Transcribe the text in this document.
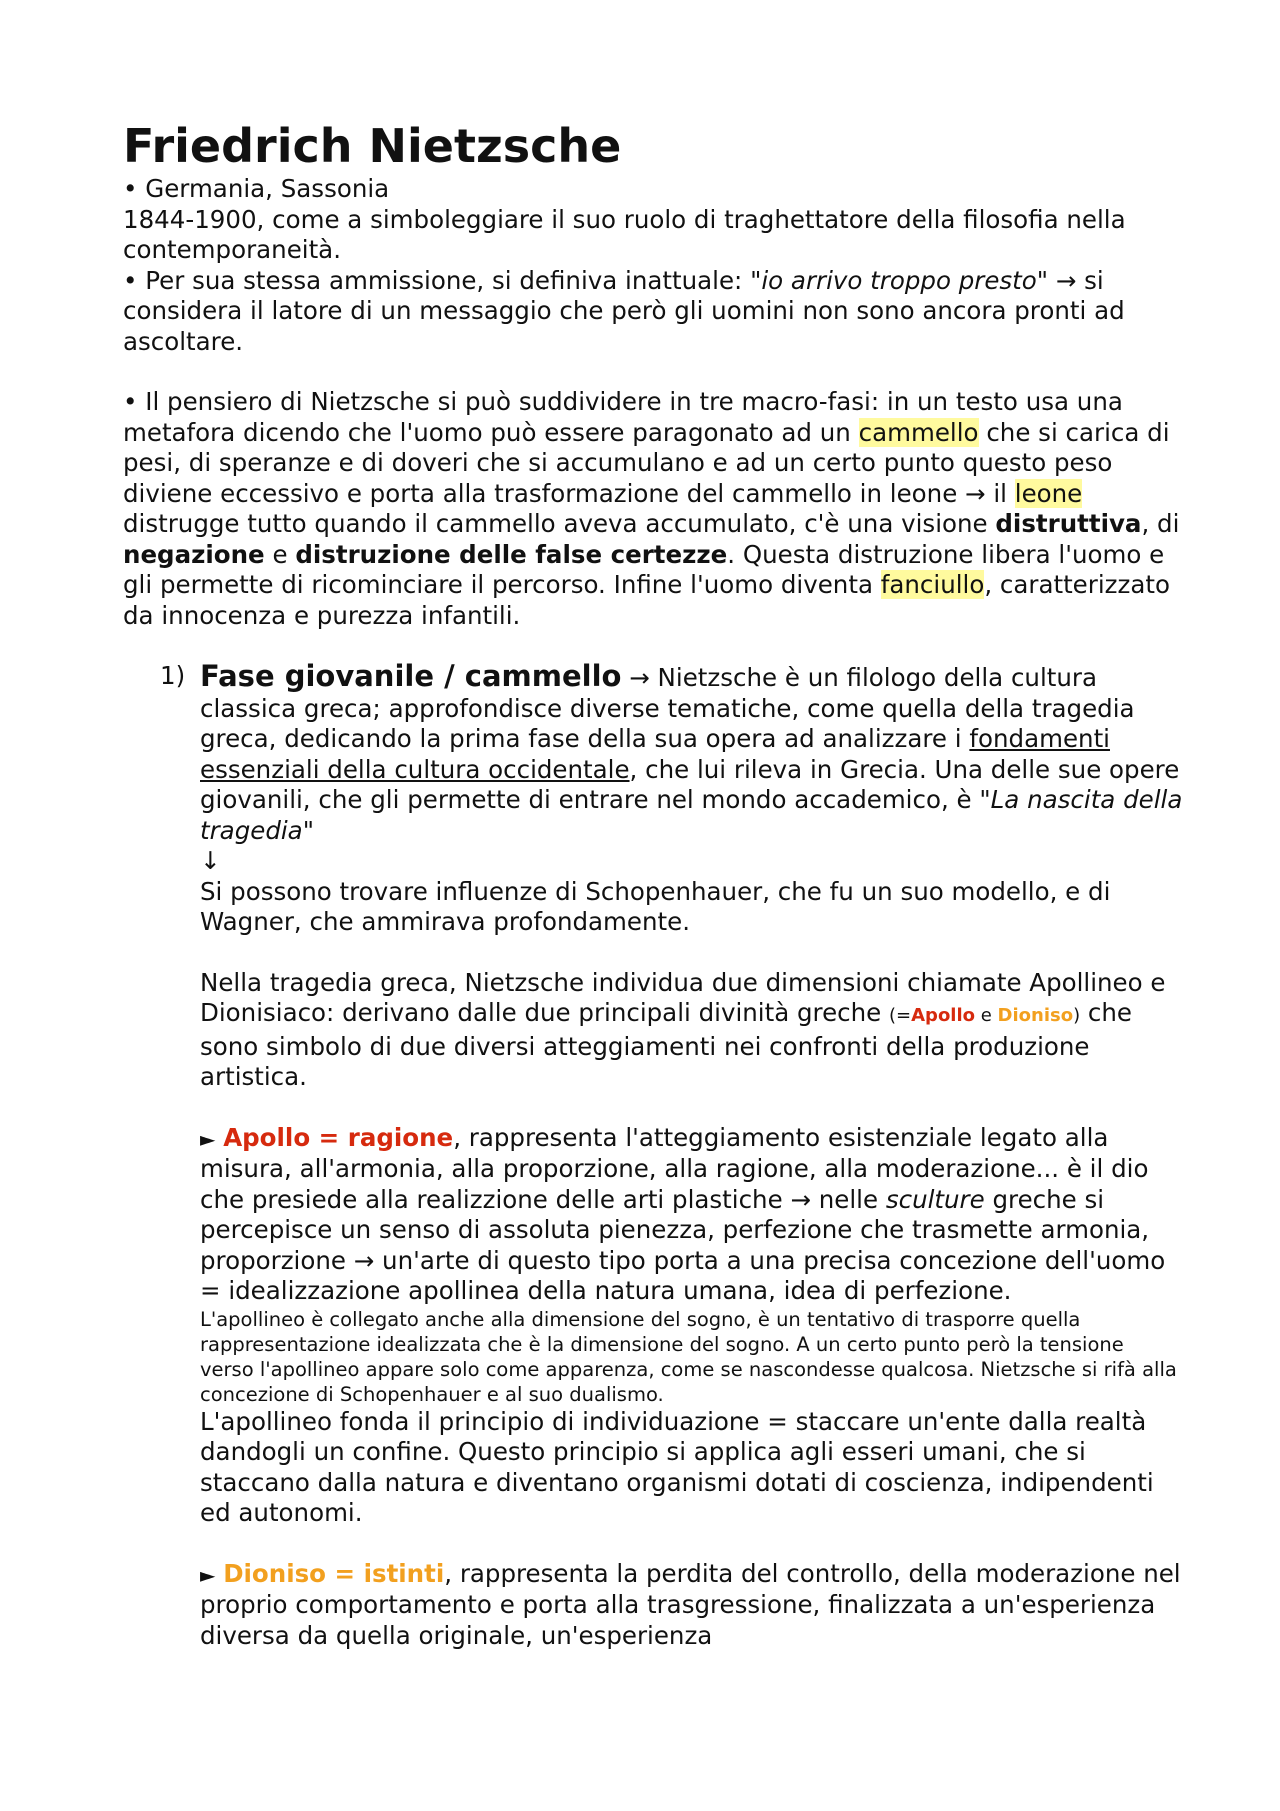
Friedrich Nietzsche

• Germania, Sassonia

1844-1900, come a simboleggiare il suo ruolo di traghettatore della filosofia nella contemporaneità.

• Per sua stessa ammissione, si definiva inattuale: "io arrivo troppo presto" → si considera il latore di un messaggio che però gli uomini non sono ancora pronti ad ascoltare.

• Il pensiero di Nietzsche si può suddividere in tre macro-fasi: in un testo usa una metafora dicendo che l'uomo può essere paragonato ad un cammello che si carica di pesi, di speranze e di doveri che si accumulano e ad un certo punto questo peso diviene eccessivo e porta alla trasformazione del cammello in leone → il leone distrugge tutto quando il cammello aveva accumulato, c'è una visione distruttiva, di negazione e distruzione delle false certezze. Questa distruzione libera l'uomo e gli permette di ricominciare il percorso. Infine l'uomo diventa fanciullo, caratterizzato da innocenza e purezza infantili.

1) Fase giovanile / cammello → Nietzsche è un filologo della cultura classica greca; approfondisce diverse tematiche, come quella della tragedia greca, dedicando la prima fase della sua opera ad analizzare i fondamenti essenziali della cultura occidentale, che lui rileva in Grecia. Una delle sue opere giovanili, che gli permette di entrare nel mondo accademico, è "La nascita della tragedia"

↓

Si possono trovare influenze di Schopenhauer, che fu un suo modello, e di Wagner, che ammirava profondamente.

Nella tragedia greca, Nietzsche individua due dimensioni chiamate Apollineo e Dionisiaco: derivano dalle due principali divinità greche (=Apollo e Dioniso) che sono simbolo di due diversi atteggiamenti nei confronti della produzione artistica.

► Apollo = ragione, rappresenta l'atteggiamento esistenziale legato alla misura, all'armonia, alla proporzione, alla ragione, alla moderazione... è il dio che presiede alla realizzione delle arti plastiche → nelle sculture greche si percepisce un senso di assoluta pienezza, perfezione che trasmette armonia, proporzione → un'arte di questo tipo porta a una precisa concezione dell'uomo = idealizzazione apollinea della natura umana, idea di perfezione.

L'apollineo è collegato anche alla dimensione del sogno, è un tentativo di trasporre quella rappresentazione idealizzata che è la dimensione del sogno. A un certo punto però la tensione verso l'apollineo appare solo come apparenza, come se nascondesse qualcosa. Nietzsche si rifà alla concezione di Schopenhauer e al suo dualismo.

L'apollineo fonda il principio di individuazione = staccare un'ente dalla realtà dandogli un confine. Questo principio si applica agli esseri umani, che si staccano dalla natura e diventano organismi dotati di coscienza, indipendenti ed autonomi.

► Dioniso = istinti, rappresenta la perdita del controllo, della moderazione nel proprio comportamento e porta alla trasgressione, finalizzata a un'esperienza diversa da quella originale, un'esperienza
